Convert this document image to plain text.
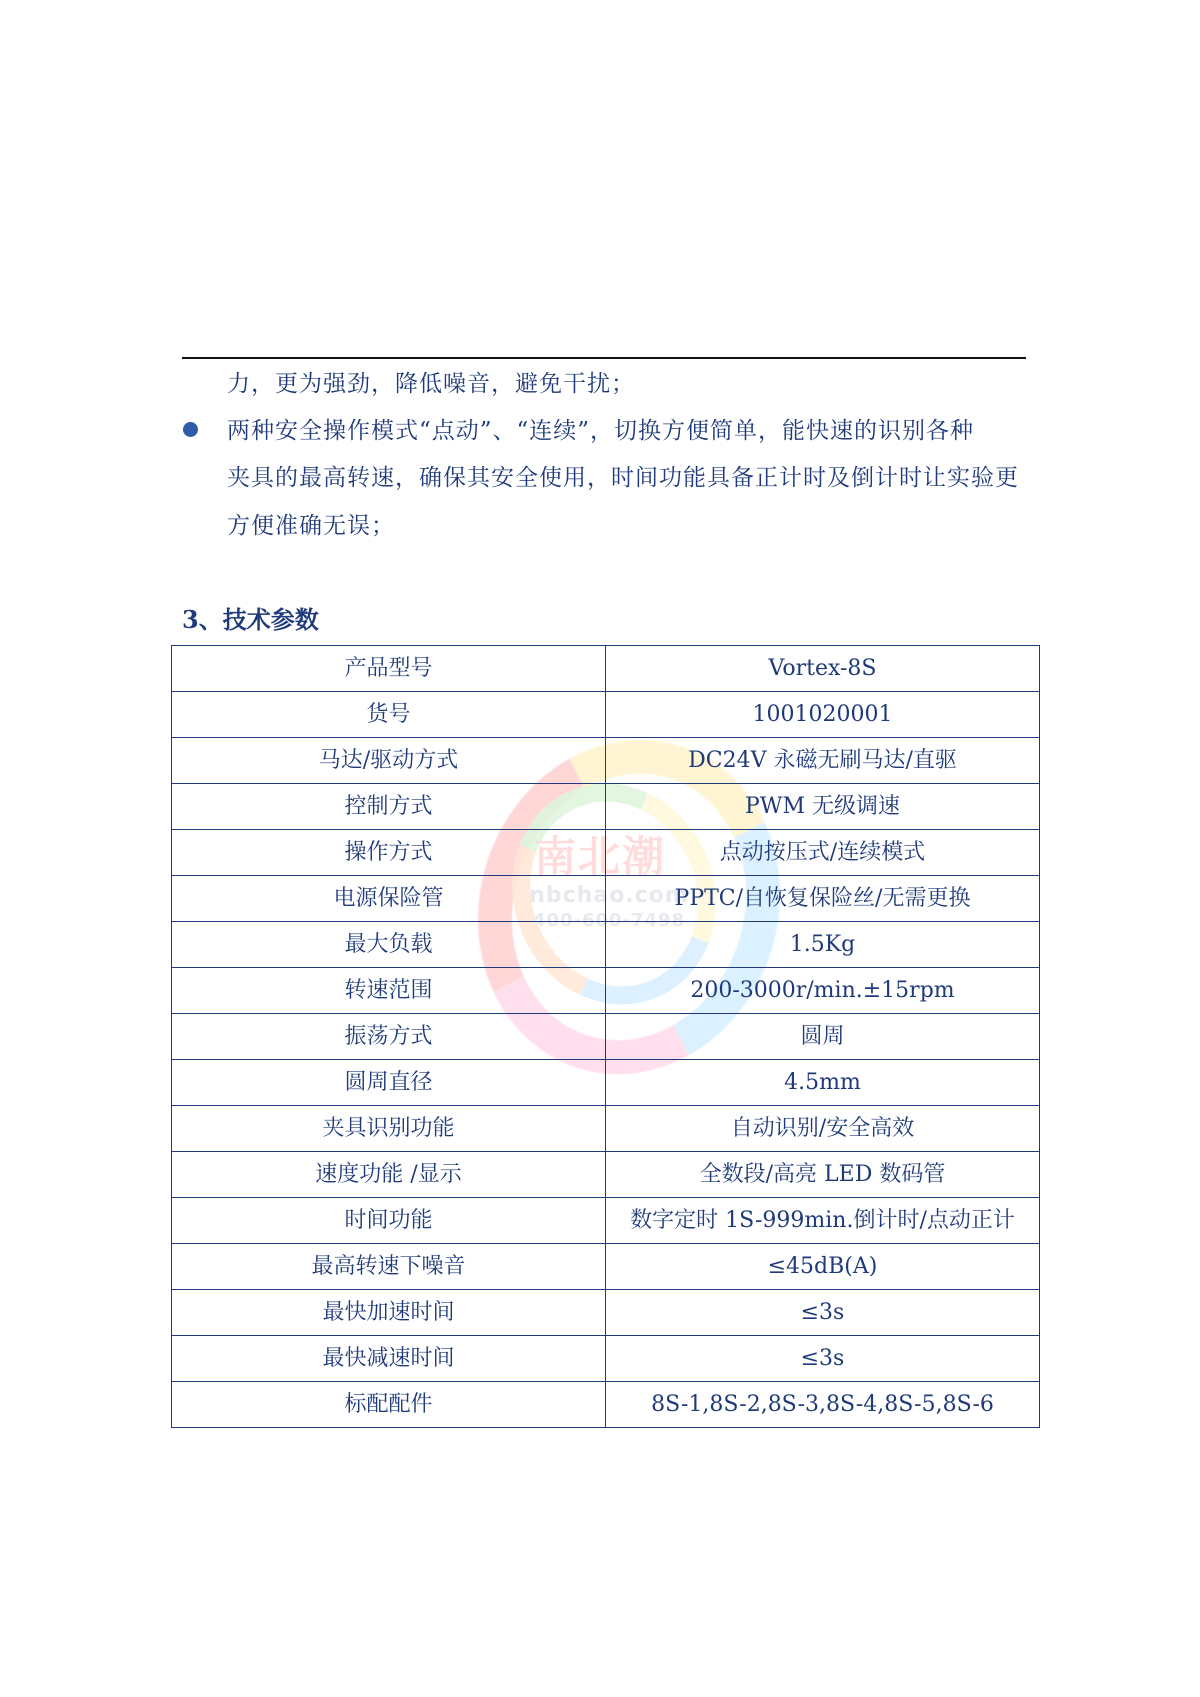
力，更为强劲，降低噪音，避免干扰；
两种安全操作模式“点动”、“连续”，切换方便简单，能快速的识别各种
夹具的最高转速，确保其安全使用，时间功能具备正计时及倒计时让实验更
方便准确无误；
3、技术参数
南北潮
nbchao.com
400-600-7498
产品型号	Vortex-8S
货号	1001020001
马达/驱动方式	DC24V 永磁无刷马达/直驱
控制方式	PWM 无级调速
操作方式	点动按压式/连续模式
电源保险管	PPTC/自恢复保险丝/无需更换
最大负载	1.5Kg
转速范围	200-3000r/min.±15rpm
振荡方式	圆周
圆周直径	4.5mm
夹具识别功能	自动识别/安全高效
速度功能 /显示	全数段/高亮 LED 数码管
时间功能	数字定时 1S-999min.倒计时/点动正计
最高转速下噪音	≤45dB(A)
最快加速时间	≤3s
最快减速时间	≤3s
标配配件	8S-1,8S-2,8S-3,8S-4,8S-5,8S-6
